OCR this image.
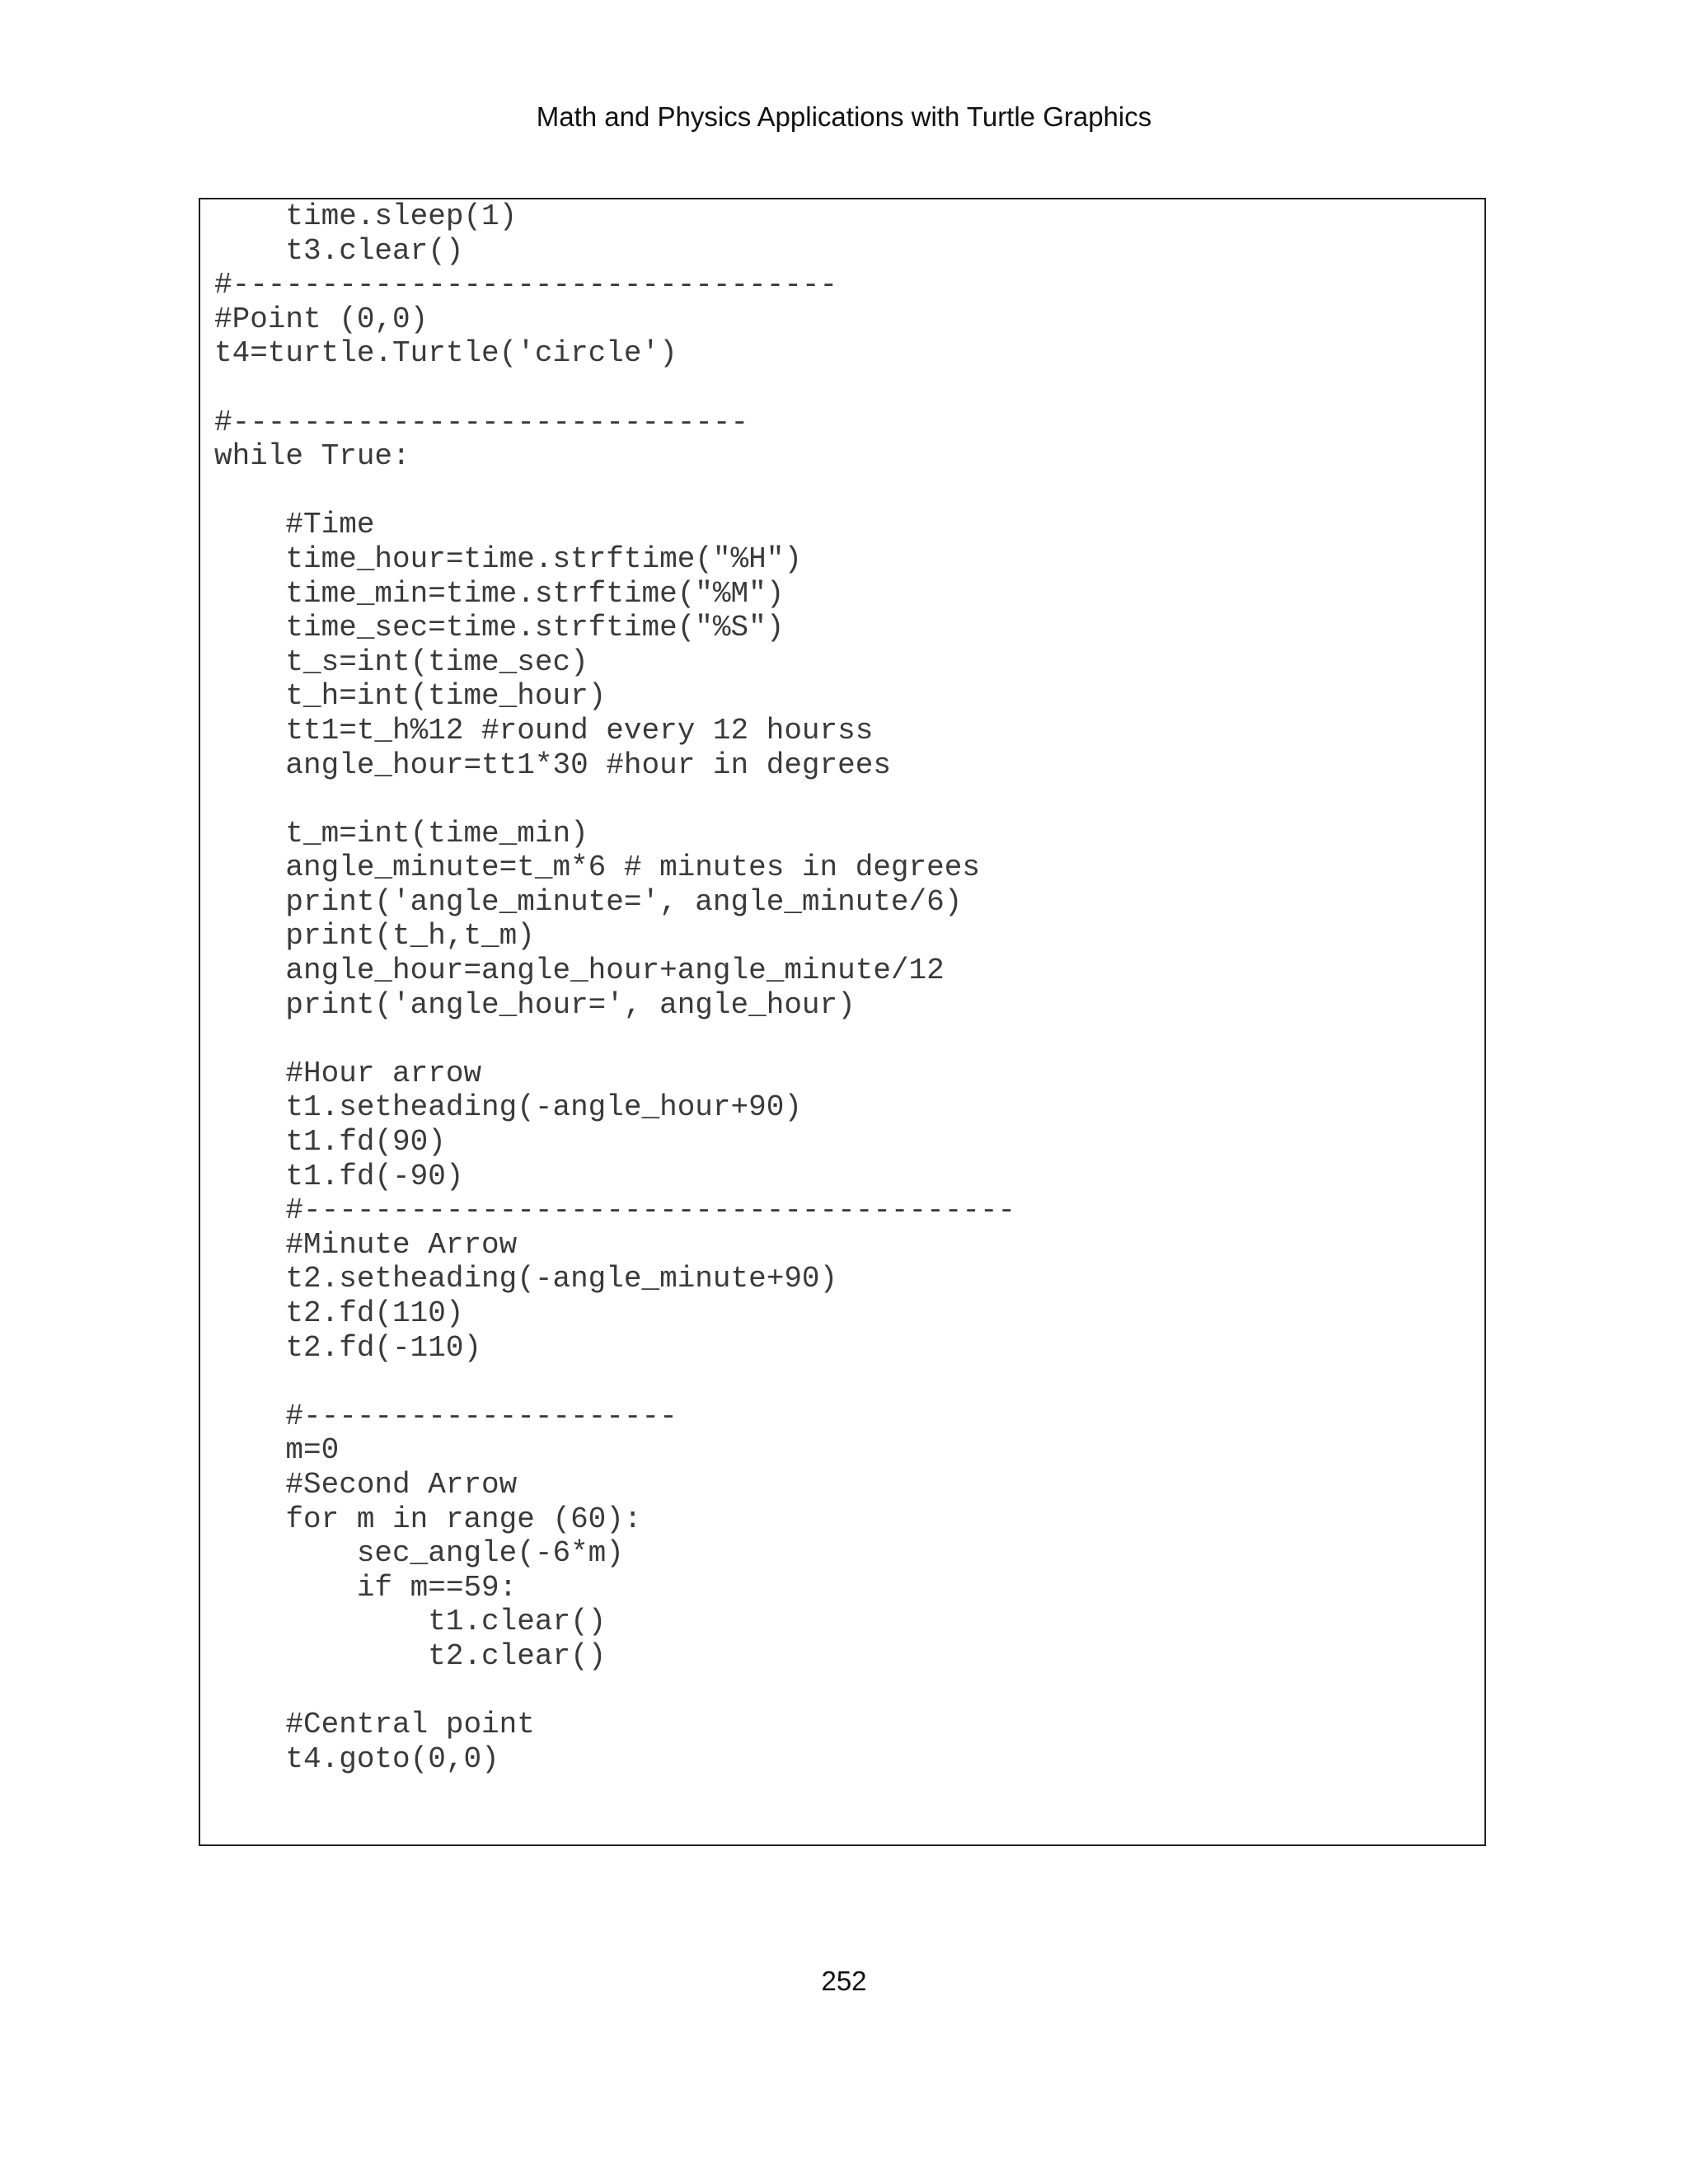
Math and Physics Applications with Turtle Graphics
time.sleep(1)
t3.clear()
#----------------------------------
#Point (0,0)
t4=turtle.Turtle('circle')
#-----------------------------
while True:
#Time
time_hour=time.strftime("%H")
time_min=time.strftime("%M")
time_sec=time.strftime("%S")
t_s=int(time_sec)
t_h=int(time_hour)
tt1=t_h%12 #round every 12 hourss
angle_hour=tt1*30 #hour in degrees
t_m=int(time_min)
angle_minute=t_m*6 # minutes in degrees
print('angle_minute=', angle_minute/6)
print(t_h,t_m)
angle_hour=angle_hour+angle_minute/12
print('angle_hour=', angle_hour)
#Hour arrow
t1.setheading(-angle_hour+90)
t1.fd(90)
t1.fd(-90)
#----------------------------------------
#Minute Arrow
t2.setheading(-angle_minute+90)
t2.fd(110)
t2.fd(-110)
#---------------------
m=0
#Second Arrow
for m in range (60):
sec_angle(-6*m)
if m==59:
t1.clear()
t2.clear()
#Central point
t4.goto(0,0)
252
